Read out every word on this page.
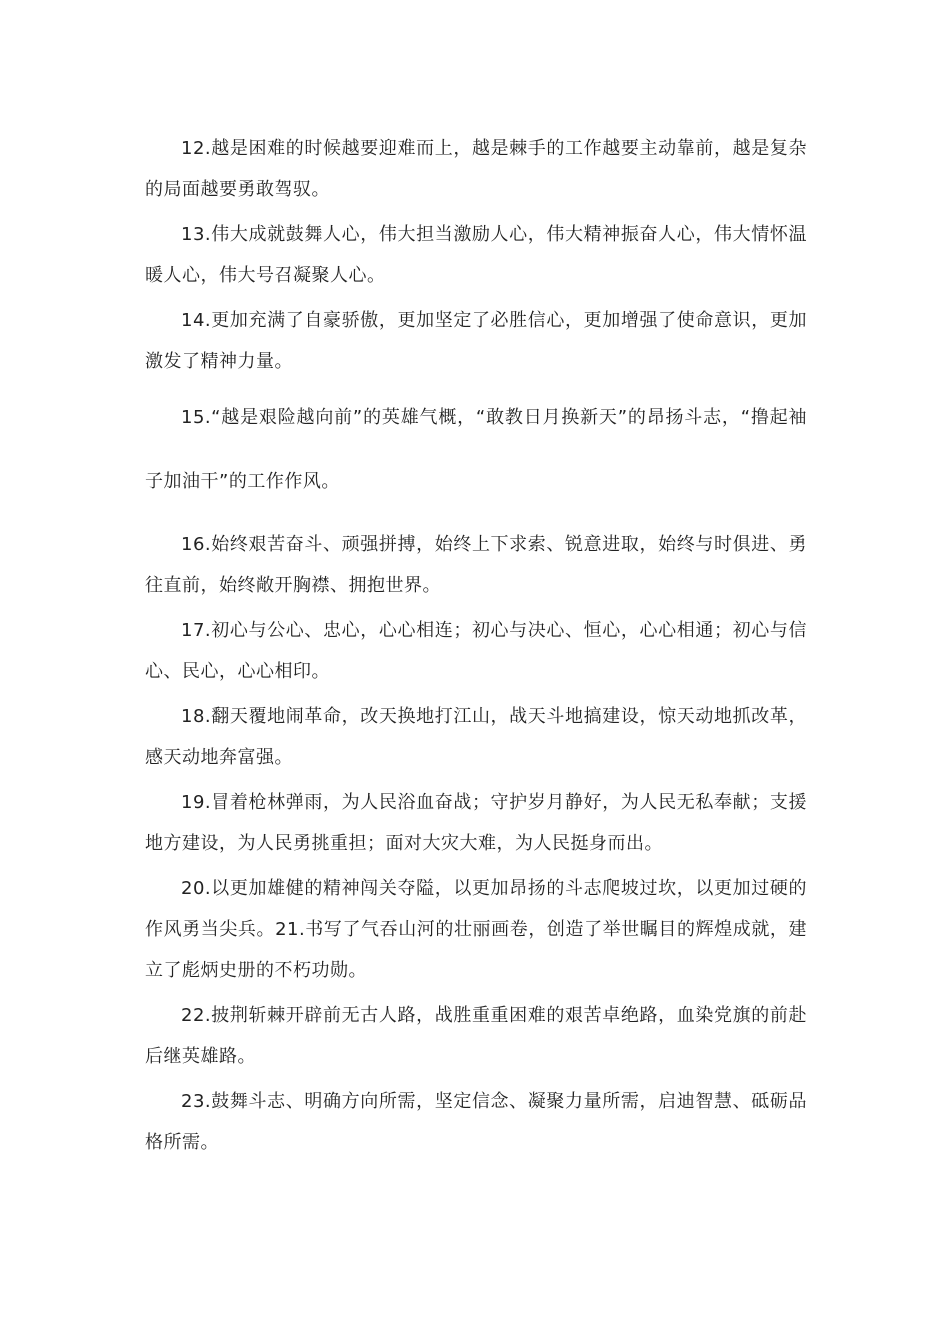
12.越是困难的时候越要迎难而上，越是棘手的工作越要主动靠前，越是复杂的局面越要勇敢驾驭。

13.伟大成就鼓舞人心，伟大担当激励人心，伟大精神振奋人心，伟大情怀温暖人心，伟大号召凝聚人心。

14.更加充满了自豪骄傲，更加坚定了必胜信心，更加增强了使命意识，更加激发了精神力量。

15.“越是艰险越向前”的英雄气概，“敢教日月换新天”的昂扬斗志，“撸起袖子加油干”的工作作风。

16.始终艰苦奋斗、顽强拼搏，始终上下求索、锐意进取，始终与时俱进、勇往直前，始终敞开胸襟、拥抱世界。

17.初心与公心、忠心，心心相连；初心与决心、恒心，心心相通；初心与信心、民心，心心相印。

18.翻天覆地闹革命，改天换地打江山，战天斗地搞建设，惊天动地抓改革，感天动地奔富强。

19.冒着枪林弹雨，为人民浴血奋战；守护岁月静好，为人民无私奉献；支援地方建设，为人民勇挑重担；面对大灾大难，为人民挺身而出。

20.以更加雄健的精神闯关夺隘，以更加昂扬的斗志爬坡过坎，以更加过硬的作风勇当尖兵。21.书写了气吞山河的壮丽画卷，创造了举世瞩目的辉煌成就，建立了彪炳史册的不朽功勋。

22.披荆斩棘开辟前无古人路，战胜重重困难的艰苦卓绝路，血染党旗的前赴后继英雄路。

23.鼓舞斗志、明确方向所需，坚定信念、凝聚力量所需，启迪智慧、砥砺品格所需。
